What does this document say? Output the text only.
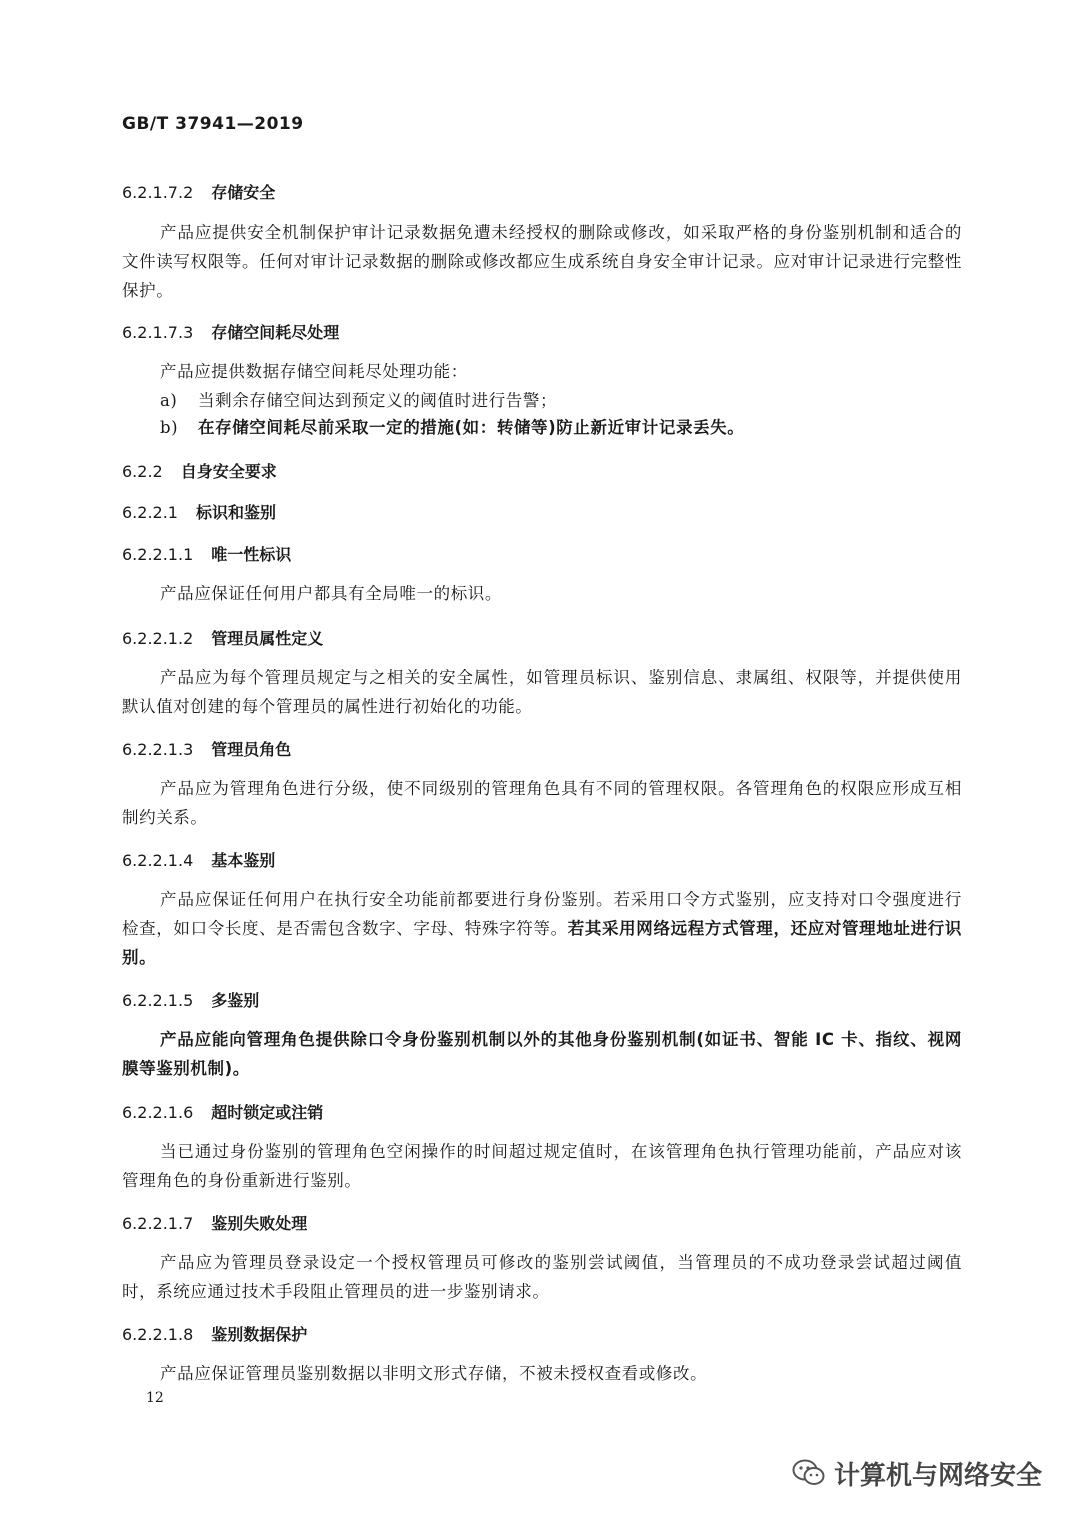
GB/T 37941—2019
6.2.1.7.2 存储安全
产品应提供安全机制保护审计记录数据免遭未经授权的删除或修改，如采取严格的身份鉴别机制和适合的文件读写权限等。任何对审计记录数据的删除或修改都应生成系统自身安全审计记录。应对审计记录进行完整性保护。
6.2.1.7.3 存储空间耗尽处理
产品应提供数据存储空间耗尽处理功能：
a) 当剩余存储空间达到预定义的阈值时进行告警；
b) 在存储空间耗尽前采取一定的措施(如：转储等)防止新近审计记录丢失。
6.2.2 自身安全要求
6.2.2.1 标识和鉴别
6.2.2.1.1 唯一性标识
产品应保证任何用户都具有全局唯一的标识。
6.2.2.1.2 管理员属性定义
产品应为每个管理员规定与之相关的安全属性，如管理员标识、鉴别信息、隶属组、权限等，并提供使用默认值对创建的每个管理员的属性进行初始化的功能。
6.2.2.1.3 管理员角色
产品应为管理角色进行分级，使不同级别的管理角色具有不同的管理权限。各管理角色的权限应形成互相制约关系。
6.2.2.1.4 基本鉴别
产品应保证任何用户在执行安全功能前都要进行身份鉴别。若采用口令方式鉴别，应支持对口令强度进行检查，如口令长度、是否需包含数字、字母、特殊字符等。若其采用网络远程方式管理，还应对管理地址进行识别。
6.2.2.1.5 多鉴别
产品应能向管理角色提供除口令身份鉴别机制以外的其他身份鉴别机制(如证书、智能 IC 卡、指纹、视网膜等鉴别机制)。
6.2.2.1.6 超时锁定或注销
当已通过身份鉴别的管理角色空闲操作的时间超过规定值时，在该管理角色执行管理功能前，产品应对该管理角色的身份重新进行鉴别。
6.2.2.1.7 鉴别失败处理
产品应为管理员登录设定一个授权管理员可修改的鉴别尝试阈值，当管理员的不成功登录尝试超过阈值时，系统应通过技术手段阻止管理员的进一步鉴别请求。
6.2.2.1.8 鉴别数据保护
产品应保证管理员鉴别数据以非明文形式存储，不被未授权查看或修改。
12
计算机与网络安全
